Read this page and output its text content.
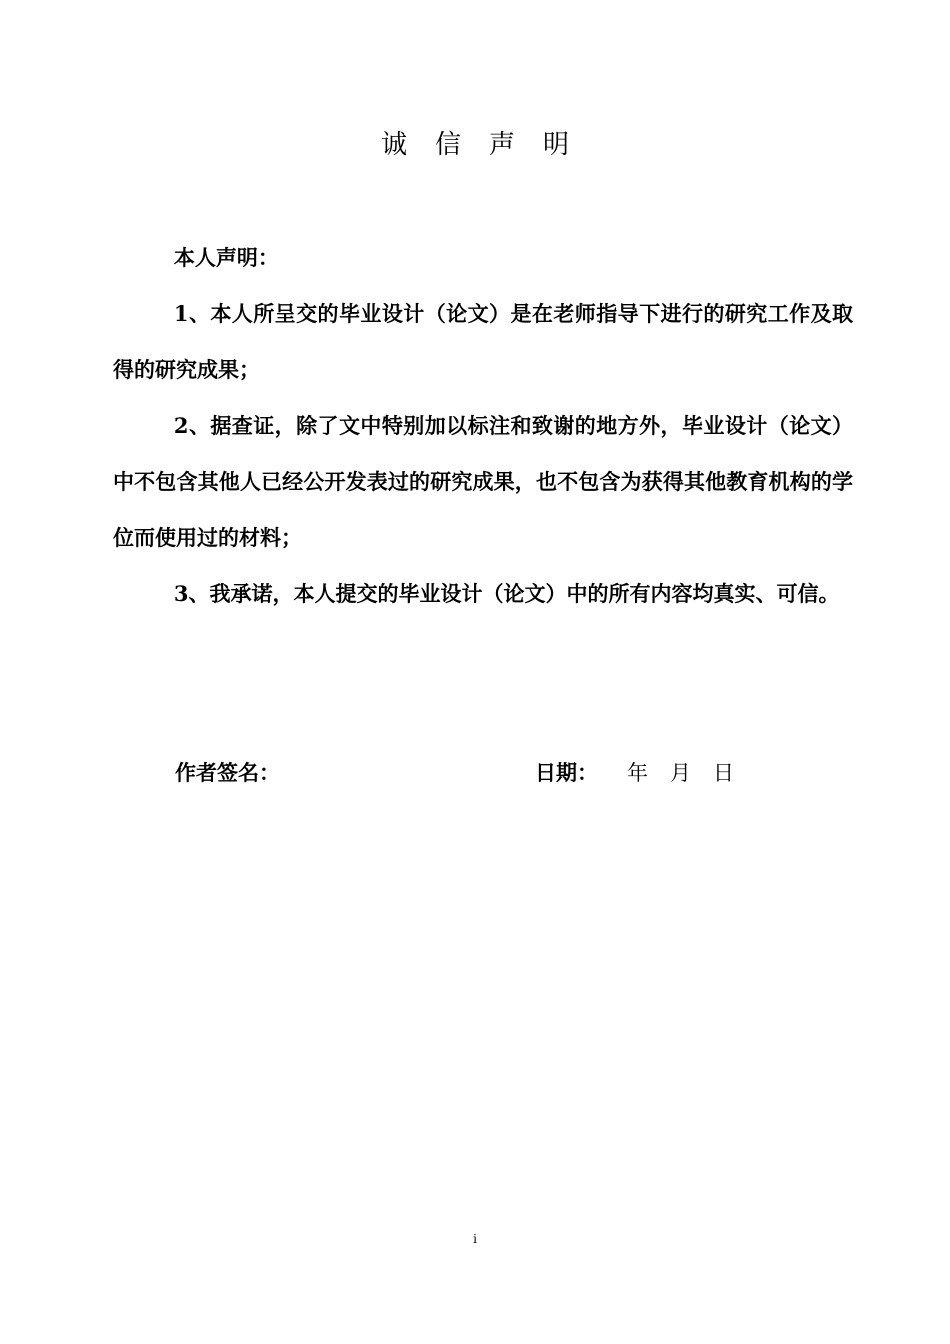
诚 信 声 明

本人声明：

1、本人所呈交的毕业设计（论文）是在老师指导下进行的研究工作及取得的研究成果；

2、据查证，除了文中特别加以标注和致谢的地方外，毕业设计（论文）中不包含其他人已经公开发表过的研究成果，也不包含为获得其他教育机构的学位而使用过的材料；

3、我承诺，本人提交的毕业设计（论文）中的所有内容均真实、可信。

作者签名：	日期： 年 月 日
i
